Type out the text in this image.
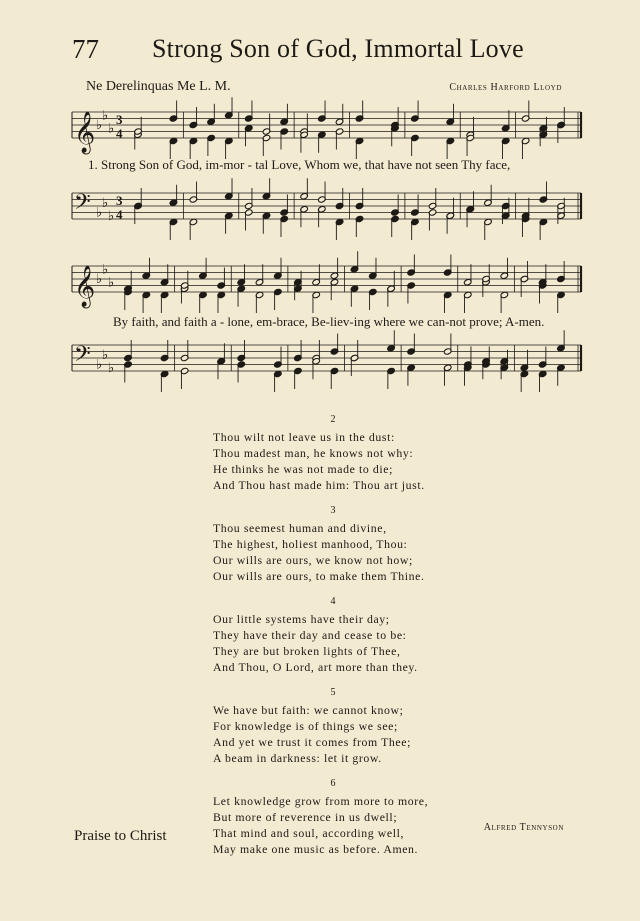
77 Strong Son of God, Immortal Love
Ne Derelinquas Me L. M.	Charles Harford Lloyd
𝄞 ♭
♭
♭
3
4
𝄢 ♭
♭
♭
3
4
𝄞 ♭
♭
♭
𝄢 ♭
♭
♭
1. Strong Son of God, im-mor - tal Love, Whom we, that have not seen Thy face,
By faith, and faith a - lone, em-brace, Be-liev-ing where we can-not prove; A-men.
2
Thou wilt not leave us in the dust:
Thou madest man, he knows not why:
He thinks he was not made to die;
And Thou hast made him: Thou art just.
3
Thou seemest human and divine,
The highest, holiest manhood, Thou:
Our wills are ours, we know not how;
Our wills are ours, to make them Thine.
4
Our little systems have their day;
They have their day and cease to be:
They are but broken lights of Thee,
And Thou, O Lord, art more than they.
5
We have but faith: we cannot know;
For knowledge is of things we see;
And yet we trust it comes from Thee;
A beam in darkness: let it grow.
6
Let knowledge grow from more to more,
But more of reverence in us dwell;
That mind and soul, according well,
May make one music as before. Amen.
Alfred Tennyson
Praise to Christ
